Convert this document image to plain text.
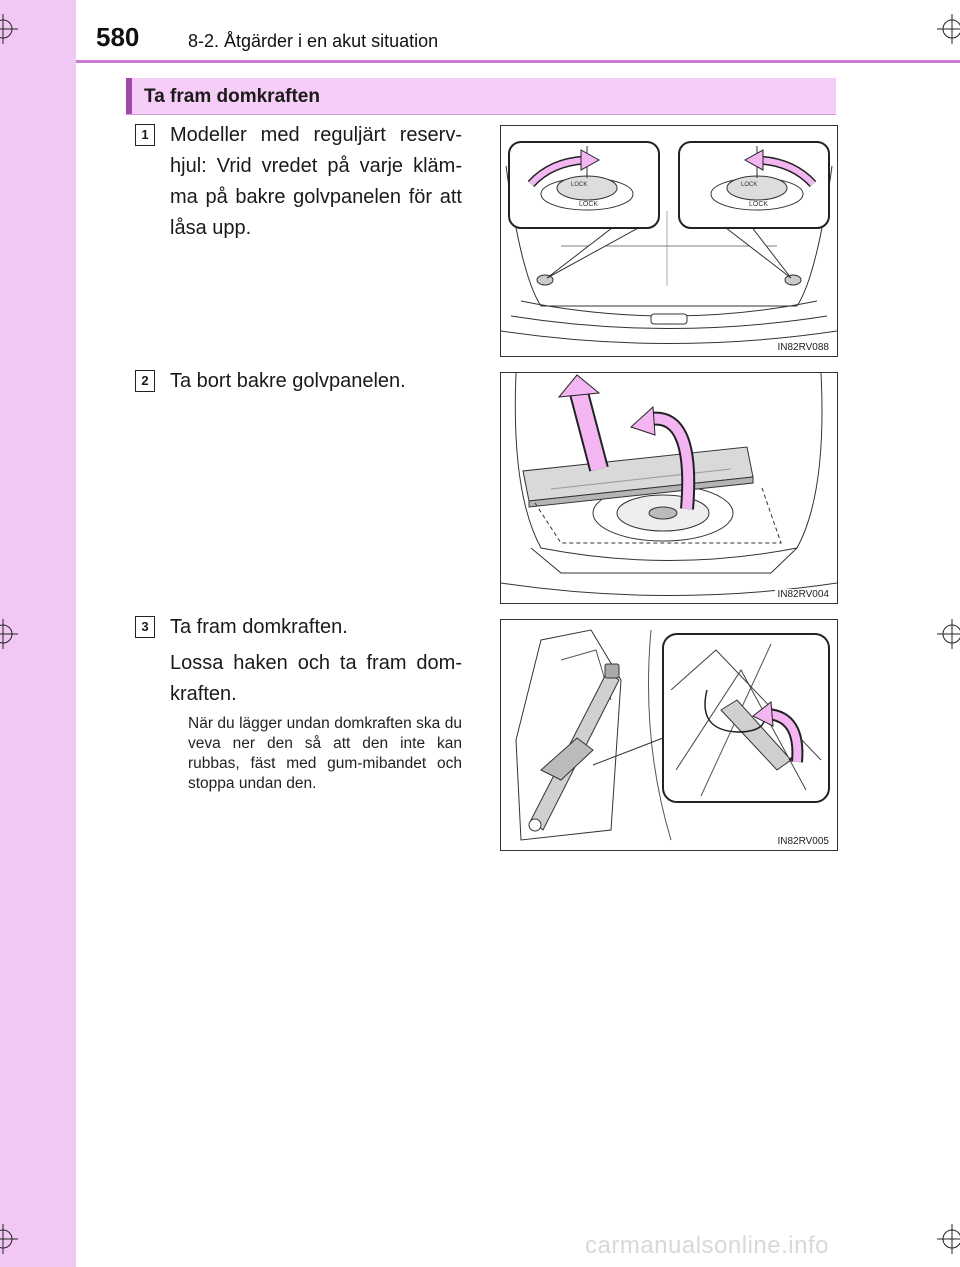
580	8-2. Åtgärder i en akut situation
Ta fram domkraften
1	Modeller med reguljärt reserv-hjul: Vrid vredet på varje kläm-ma på bakre golvpanelen för att låsa upp.
LOCK
LOCK
LOCK
LOCK
IN82RV088
2	Ta bort bakre golvpanelen.
IN82RV004
3	Ta fram domkraften.
Lossa haken och ta fram dom-kraften.
När du lägger undan domkraften ska du veva ner den så att den inte kan rubbas, fäst med gum-mibandet och stoppa undan den.
IN82RV005
carmanualsonline.info
